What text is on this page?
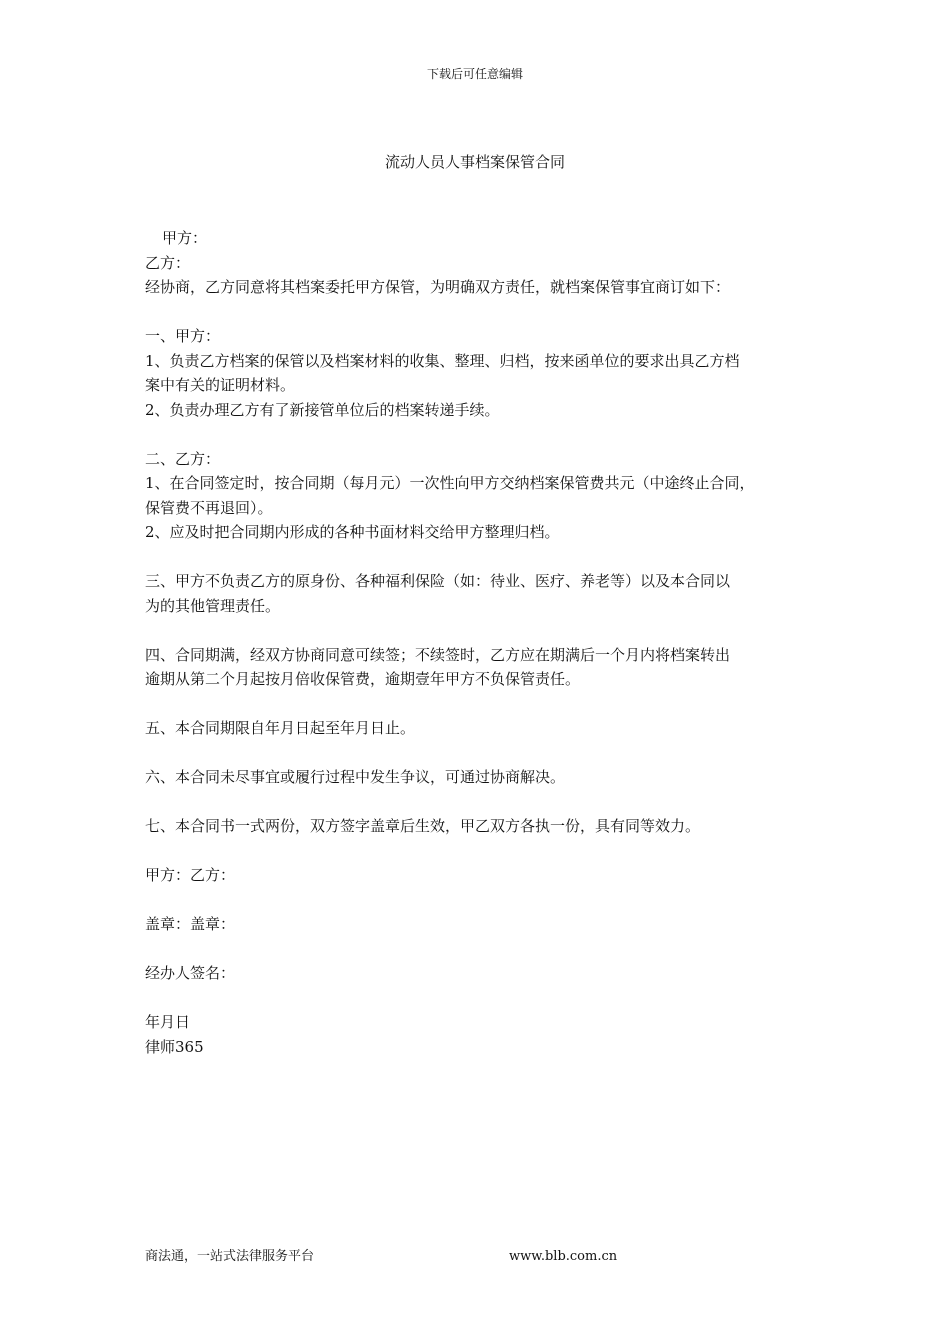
下载后可任意编辑
流动人员人事档案保管合同

甲方：

乙方：

经协商，乙方同意将其档案委托甲方保管，为明确双方责任，就档案保管事宜商订如下：

一、甲方：

1、负责乙方档案的保管以及档案材料的收集、整理、归档，按来函单位的要求出具乙方档

案中有关的证明材料。

2、负责办理乙方有了新接管单位后的档案转递手续。

二、乙方：

1、在合同签定时，按合同期（每月元）一次性向甲方交纳档案保管费共元（中途终止合同，

保管费不再退回）。

2、应及时把合同期内形成的各种书面材料交给甲方整理归档。

三、甲方不负责乙方的原身份、各种福利保险（如：待业、医疗、养老等）以及本合同以

为的其他管理责任。

四、合同期满，经双方协商同意可续签；不续签时，乙方应在期满后一个月内将档案转出

逾期从第二个月起按月倍收保管费，逾期壹年甲方不负保管责任。

五、本合同期限自年月日起至年月日止。

六、本合同未尽事宜或履行过程中发生争议，可通过协商解决。

七、本合同书一式两份，双方签字盖章后生效，甲乙双方各执一份，具有同等效力。

甲方：乙方：

盖章：盖章：

经办人签名：

年月日

律师365

商法通，一站式法律服务平台	www.blb.com.cn
